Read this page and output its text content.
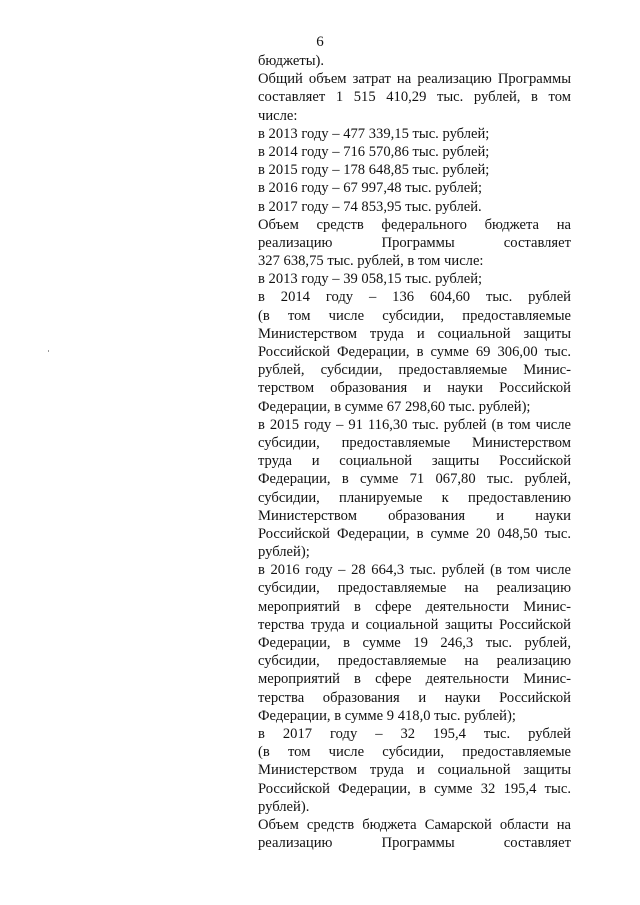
6
бюджеты).
Общий объем затрат на реализацию Программы
составляет 1 515 410,29 тыс. рублей, в том
числе:
в 2013 году – 477 339,15 тыс. рублей;
в 2014 году – 716 570,86 тыс. рублей;
в 2015 году – 178 648,85 тыс. рублей;
в 2016 году – 67 997,48 тыс. рублей;
в 2017 году – 74 853,95 тыс. рублей.
Объем средств федерального бюджета на
реализацию Программы составляет
327 638,75 тыс. рублей, в том числе:
в 2013 году – 39 058,15 тыс. рублей;
в 2014 году – 136 604,60 тыс. рублей
(в том числе субсидии, предоставляемые
Министерством труда и социальной защиты
Российской Федерации, в сумме 69 306,00 тыс.
рублей, субсидии, предоставляемые Минис-
терством образования и науки Российской
Федерации, в сумме 67 298,60 тыс. рублей);
в 2015 году – 91 116,30 тыс. рублей (в том числе
субсидии, предоставляемые Министерством
труда и социальной защиты Российской
Федерации, в сумме 71 067,80 тыс. рублей,
субсидии, планируемые к предоставлению
Министерством образования и науки
Российской Федерации, в сумме 20 048,50 тыс.
рублей);
в 2016 году – 28 664,3 тыс. рублей (в том числе
субсидии, предоставляемые на реализацию
мероприятий в сфере деятельности Минис-
терства труда и социальной защиты Российской
Федерации, в сумме 19 246,3 тыс. рублей,
субсидии, предоставляемые на реализацию
мероприятий в сфере деятельности Минис-
терства образования и науки Российской
Федерации, в сумме 9 418,0 тыс. рублей);
в 2017 году – 32 195,4 тыс. рублей
(в том числе субсидии, предоставляемые
Министерством труда и социальной защиты
Российской Федерации, в сумме 32 195,4 тыс.
рублей).
Объем средств бюджета Самарской области на
реализацию Программы составляет
